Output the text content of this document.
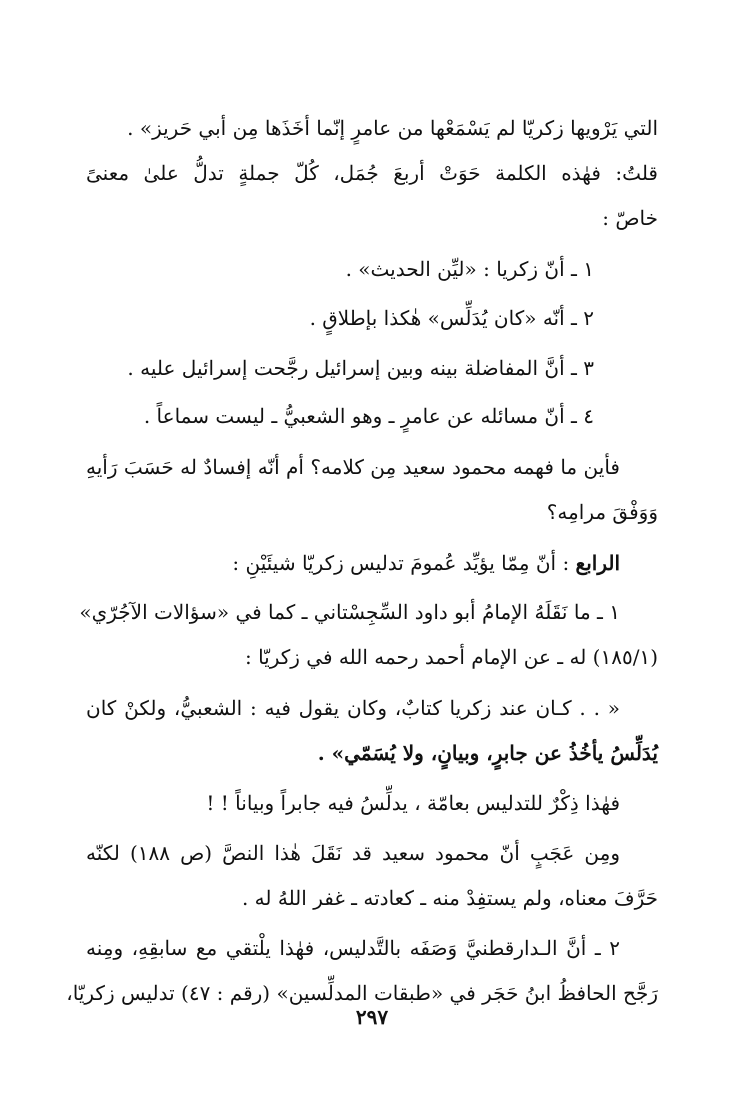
التي يَرْويها زكريّا لم يَسْمَعْها من عامرٍ إنّما أخَذَها مِن أبي حَريز» .
قلتُ: فهٰذه الكلمة حَوَتْ أربعَ جُمَل، كُلّ جملةٍ تدلُّ علىٰ معنىً
خاصّ :
١ ـ أنّ زكريا : «ليِّن الحديث» .
٢ ـ أنّه «كان يُدَلِّس» هٰكذا بإطلاقٍ .
٣ ـ أنَّ المفاضلة بينه وبين إسرائيل رجَّحت إسرائيل عليه .
٤ ـ أنّ مسائله عن عامرٍ ـ وهو الشعبيُّ ـ ليست سماعاً .
فأين ما فهمه محمود سعيد مِن كلامه؟ أم أنّه إفسادٌ له حَسَبَ رَأيهِ
وَوَفْقَ مرامِه؟
الرابع : أنّ مِمّا يؤيِّد عُمومَ تدليس زكريّا شيئَيْنِ :
١ ـ ما نَقَلَهُ الإمامُ أبو داود السِّجِسْتاني ـ كما في «سؤالات الآجُرّي»
(١٨٥/١) له ـ عن الإمام أحمد رحمه الله في زكريّا :
« . . كـان عند زكريا كتابٌ، وكان يقول فيه : الشعبيُّ، ولكنْ كان
يُدَلِّسُ يأخُذُ عن جابرٍ، وبيانٍ، ولا يُسَمّي» .
فهٰذا ذِكْرٌ للتدليس بعامّة ، يدلِّسُ فيه جابراً وبياناً ! !
ومِن عَجَبٍ أنّ محمود سعيد قد نَقَلَ هٰذا النصَّ (ص ١٨٨) لكنّه
حَرَّفَ معناه، ولم يستفِدْ منه ـ كعادته ـ غفر اللهُ له .
٢ ـ أنَّ الـدارقطنيَّ وَصَفَه بالتَّدليس، فهٰذا يلْتقي مع سابقِهِ، ومِنه
رَجَّح الحافظُ ابنُ حَجَر في «طبقات المدلِّسين» (رقم : ٤٧) تدليس زكريّا،
٢٩٧
